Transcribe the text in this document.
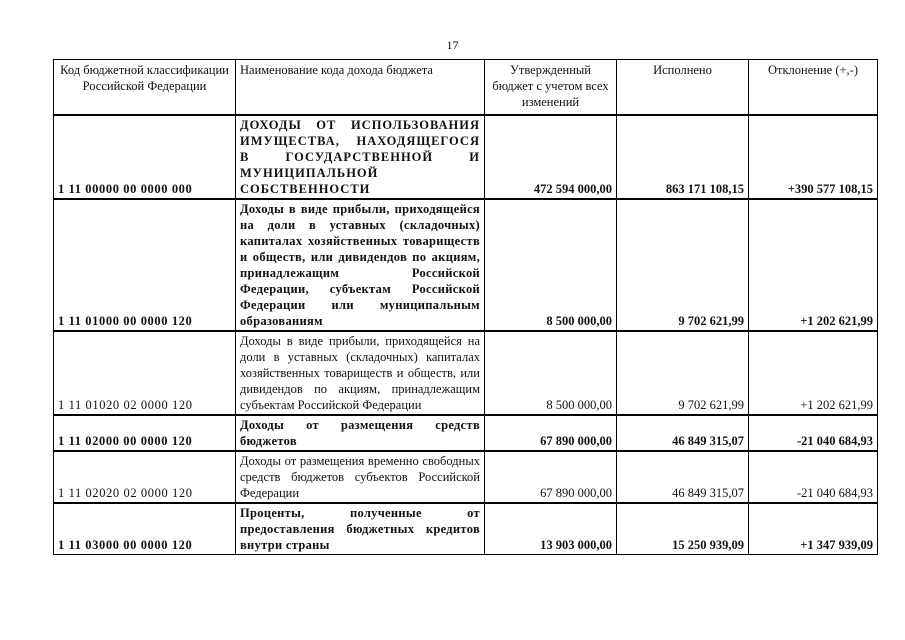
17
Код бюджетной классификации Российской Федерации	Наименование кода дохода бюджета	Утвержденный бюджет с учетом всех изменений	Исполнено	Отклонение (+,-)
1 11 00000 00 0000 000	ДОХОДЫ ОТ ИСПОЛЬЗОВАНИЯ ИМУЩЕСТВА, НАХОДЯЩЕГОСЯ В ГОСУДАРСТВЕННОЙ И МУНИЦИПАЛЬНОЙ СОБСТВЕННОСТИ	472 594 000,00	863 171 108,15	+390 577 108,15
1 11 01000 00 0000 120	Доходы в виде прибыли, приходящейся на доли в уставных (складочных) капиталах хозяйственных товариществ и обществ, или дивидендов по акциям, принадлежащим Российской Федерации, субъектам Российской Федерации или муниципальным образованиям	8 500 000,00	9 702 621,99	+1 202 621,99
1 11 01020 02 0000 120	Доходы в виде прибыли, приходящейся на доли в уставных (складочных) капиталах хозяйственных товариществ и обществ, или дивидендов по акциям, принадлежащим субъектам Российской Федерации	8 500 000,00	9 702 621,99	+1 202 621,99
1 11 02000 00 0000 120	Доходы от размещения средств бюджетов	67 890 000,00	46 849 315,07	-21 040 684,93
1 11 02020 02 0000 120	Доходы от размещения временно свободных средств бюджетов субъектов Российской Федерации	67 890 000,00	46 849 315,07	-21 040 684,93
1 11 03000 00 0000 120	Проценты, полученные от предоставления бюджетных кредитов внутри страны	13 903 000,00	15 250 939,09	+1 347 939,09
